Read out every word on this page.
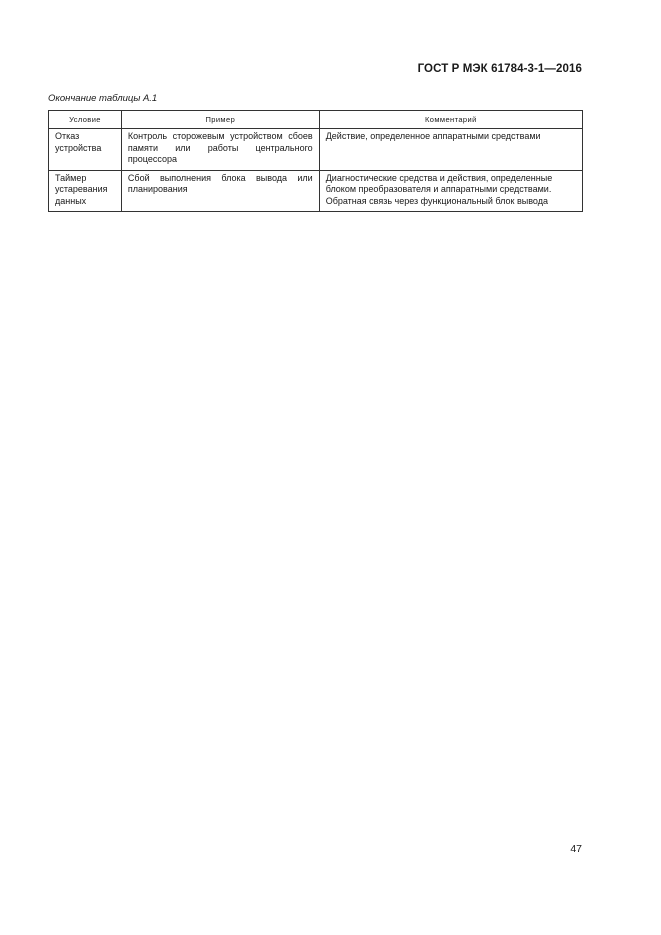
ГОСТ Р МЭК 61784-3-1—2016
Окончание таблицы А.1
Условие	Пример	Комментарий
Отказ устройства	Контроль сторожевым устройством сбоев памяти или работы центрального процессора	Действие, определенное аппаратными средствами
Таймер устаревания данных	Сбой выполнения блока вывода или планирования	Диагностические средства и действия, определенные блоком преобразователя и аппаратными средствами. Обратная связь через функциональный блок вывода
47
